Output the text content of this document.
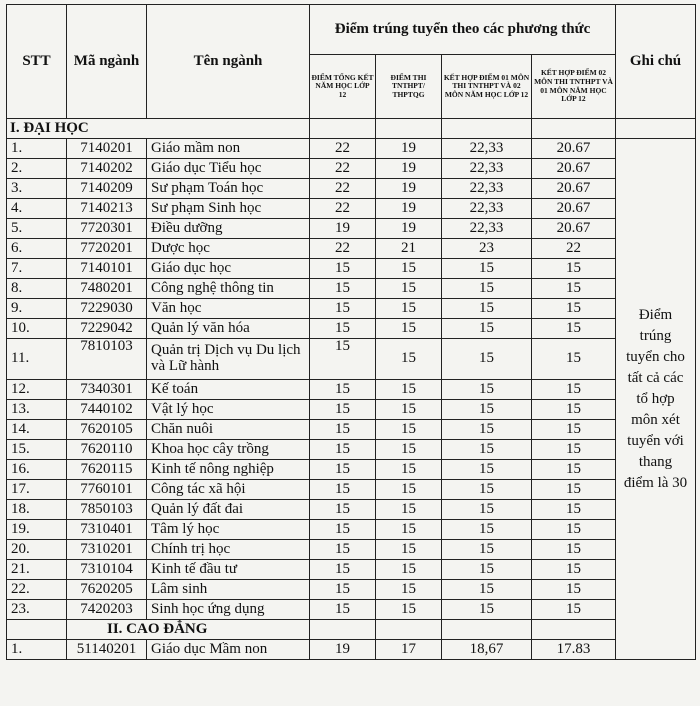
STT	Mã ngành	Tên ngành	Điểm trúng tuyển theo các phương thức				Ghi chú
			ĐIỂM TỔNG KẾT NĂM HỌC LỚP 12	ĐIỂM THI TNTHPT/ THPTQG	KẾT HỢP ĐIỂM 01 MÔN THI TNTHPT VÀ 02 MÔN NĂM HỌC LỚP 12	KẾT HỢP ĐIỂM 02 MÔN THI TNTHPT VÀ 01 MÔN NĂM HỌC LỚP 12	
I. ĐẠI HỌC							
1.	7140201	Giáo mầm non	22	19	22,33	20.67	Điểm trúng tuyển cho tất cả các tổ hợp môn xét tuyển với thang điểm là 30
2.	7140202	Giáo dục Tiểu học	22	19	22,33	20.67	
3.	7140209	Sư phạm Toán học	22	19	22,33	20.67	
4.	7140213	Sư phạm Sinh học	22	19	22,33	20.67	
5.	7720301	Điều dưỡng	19	19	22,33	20.67	
6.	7720201	Dược học	22	21	23	22	
7.	7140101	Giáo dục học	15	15	15	15	
8.	7480201	Công nghệ thông tin	15	15	15	15	
9.	7229030	Văn học	15	15	15	15	
10.	7229042	Quản lý văn hóa	15	15	15	15	
11.	7810103	Quản trị Dịch vụ Du lịch và Lữ hành	15	15	15	15	
12.	7340301	Kế toán	15	15	15	15	
13.	7440102	Vật lý học	15	15	15	15	
14.	7620105	Chăn nuôi	15	15	15	15	
15.	7620110	Khoa học cây trồng	15	15	15	15	
16.	7620115	Kinh tế nông nghiệp	15	15	15	15	
17.	7760101	Công tác xã hội	15	15	15	15	
18.	7850103	Quản lý đất đai	15	15	15	15	
19.	7310401	Tâm lý học	15	15	15	15	
20.	7310201	Chính trị học	15	15	15	15	
21.	7310104	Kinh tế đầu tư	15	15	15	15	
22.	7620205	Lâm sinh	15	15	15	15	
23.	7420203	Sinh học ứng dụng	15	15	15	15	
	II. CAO ĐẲNG						
1.	51140201	Giáo dục Mầm non	19	17	18,67	17.83	
